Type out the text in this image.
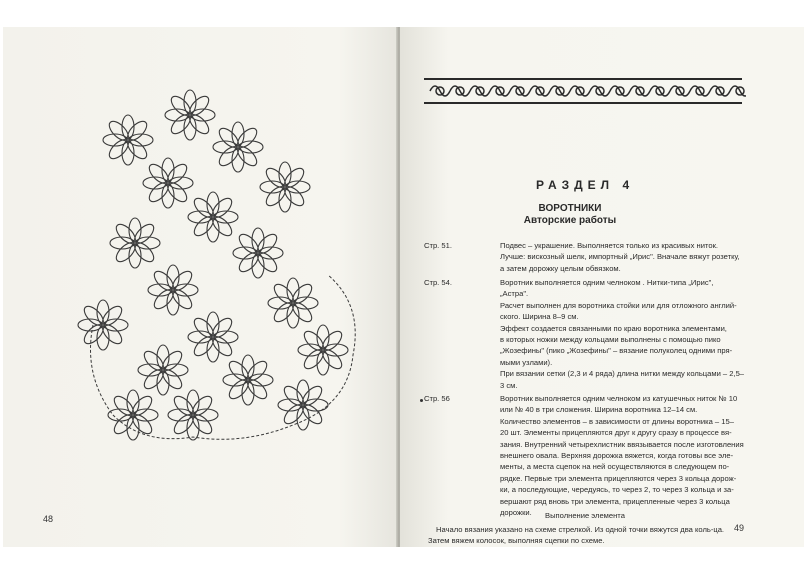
48
РАЗДЕЛ 4
ВОРОТНИКИ
Авторские работы
Стр. 51.	Подвес – украшение. Выполняется только из красивых ниток.

Лучше: вискозный шелк, импортный „Ирис". Вначале вяжут розетку,

а затем дорожку целым обвязком.

Стр. 54.	Воротник выполняется одним челноком . Нитки-типа „Ирис",

„Астра".

Расчет выполнен для воротника стойки или для отложного англий-

ского. Ширина 8–9 см.

Эффект создается связанными по краю воротника элементами,

в которых ножки между кольцами выполнены с помощью пико

„Жозефины" (пико „Жозефины" – вязание полуколец одними пря-

мыми узлами).

При вязании сетки (2,3 и 4 ряда) длина нитки между кольцами – 2,5–

3 см.

Стр. 56	Воротник выполняется одним челноком из катушечных ниток № 10

или № 40 в три сложения. Ширина воротника 12–14 см.

Количество элементов – в зависимости от длины воротника – 15–

20 шт. Элементы прицепляются друг к другу сразу в процессе вя-

зания. Внутренний четырехлистник ввязывается после изготовления

внешнего овала. Верхняя дорожка вяжется, когда готовы все эле-

менты, а места сцепок на ней осуществляются в следующем по-

рядке. Первые три элемента прицепляются через 3 кольца дорож-

ки, а последующие, чередуясь, то через 2, то через 3 кольца и за-

вершают ряд вновь три элемента, прицепленные через 3 кольца

дорожки.	Выполнение элемента
Начало вязания указано на схеме стрелкой. Из одной точки вяжутся два коль-ца. Затем вяжем колосок, выполняя сцепки по схеме.
49
